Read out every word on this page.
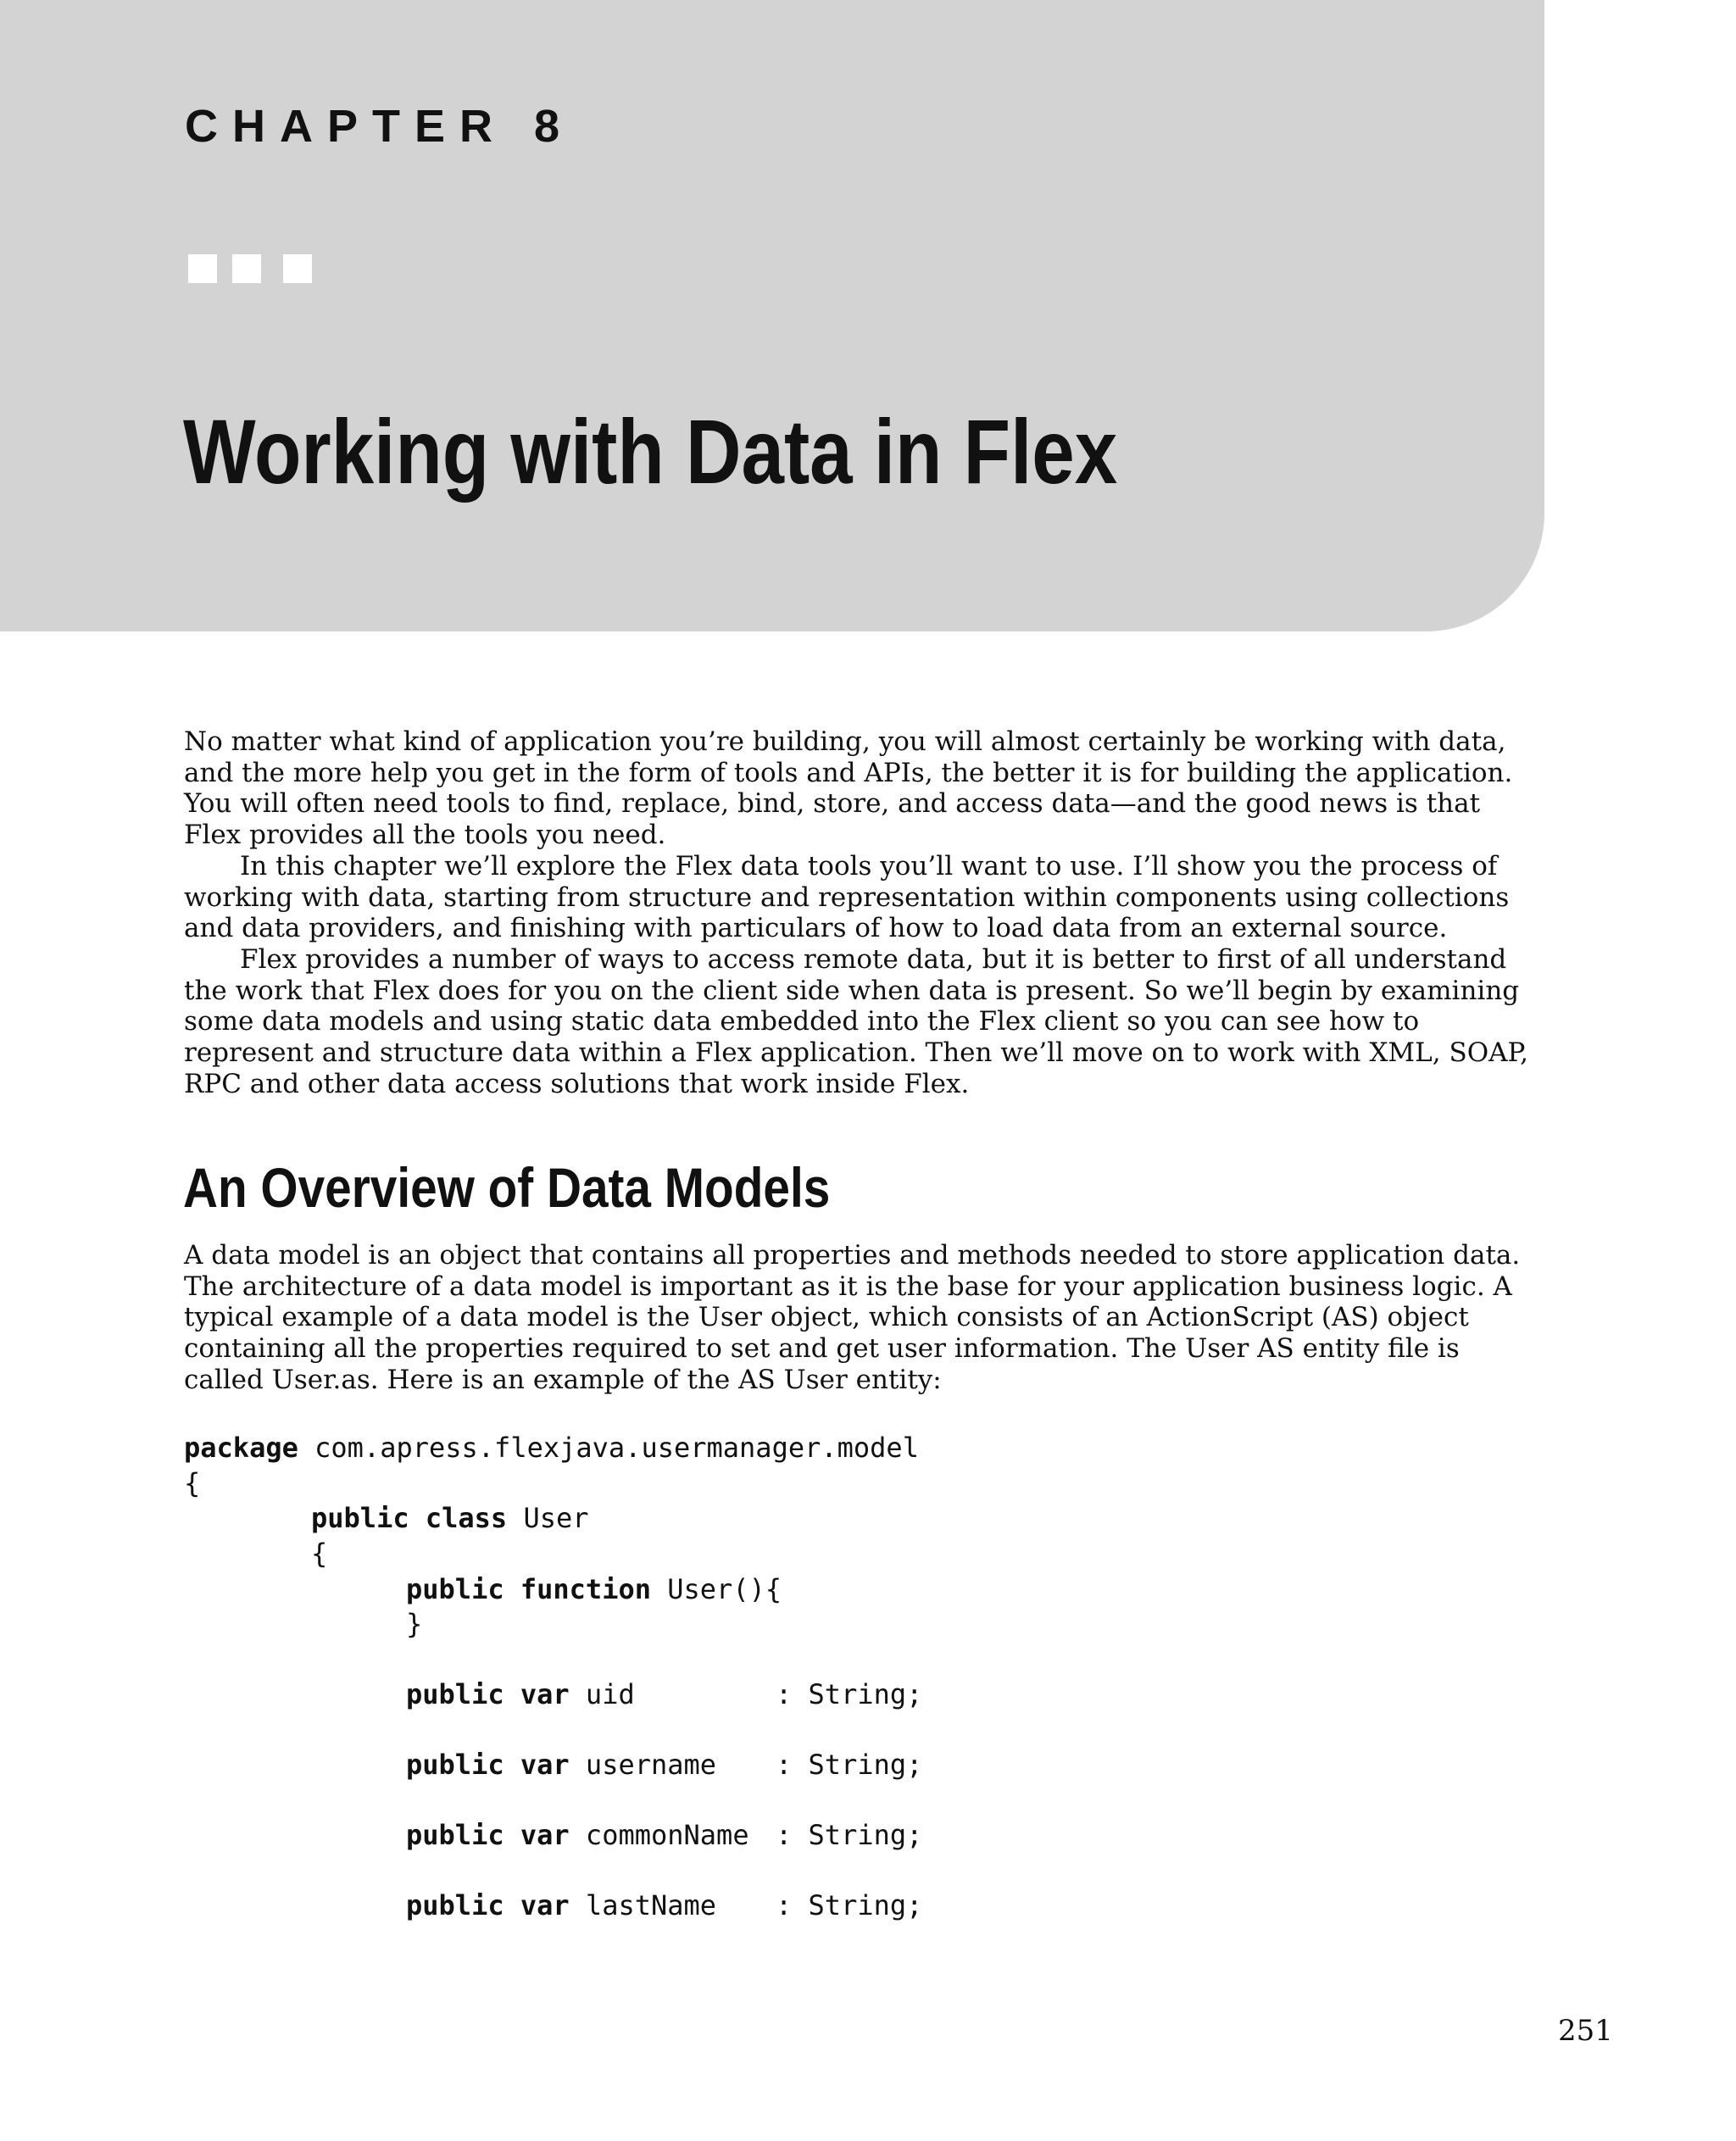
CHAPTER 8
Working with Data in Flex

No matter what kind of application you’re building, you will almost certainly be working with data, and the more help you get in the form of tools and APIs, the better it is for building the application. You will often need tools to find, replace, bind, store, and access data—and the good news is that Flex provides all the tools you need.

In this chapter we’ll explore the Flex data tools you’ll want to use. I’ll show you the process of working with data, starting from structure and representation within components using collections and data providers, and finishing with particulars of how to load data from an external source.

Flex provides a number of ways to access remote data, but it is better to first of all understand the work that Flex does for you on the client side when data is present. So we’ll begin by examining some data models and using static data embedded into the Flex client so you can see how to represent and structure data within a Flex application. Then we’ll move on to work with XML, SOAP, RPC and other data access solutions that work inside Flex.

An Overview of Data Models

A data model is an object that contains all properties and methods needed to store application data. The architecture of a data model is important as it is the base for your application business logic. A typical example of a data model is the User object, which consists of an ActionScript (AS) object containing all the properties required to set and get user information. The User AS entity file is called User.as. Here is an example of the AS User entity:

package com.apress.flexjava.usermanager.model
{
public class User
{
public function User(){
}
public var uid	: String;
public var username : String;
public var commonName : String;
public var lastName : String;
251
